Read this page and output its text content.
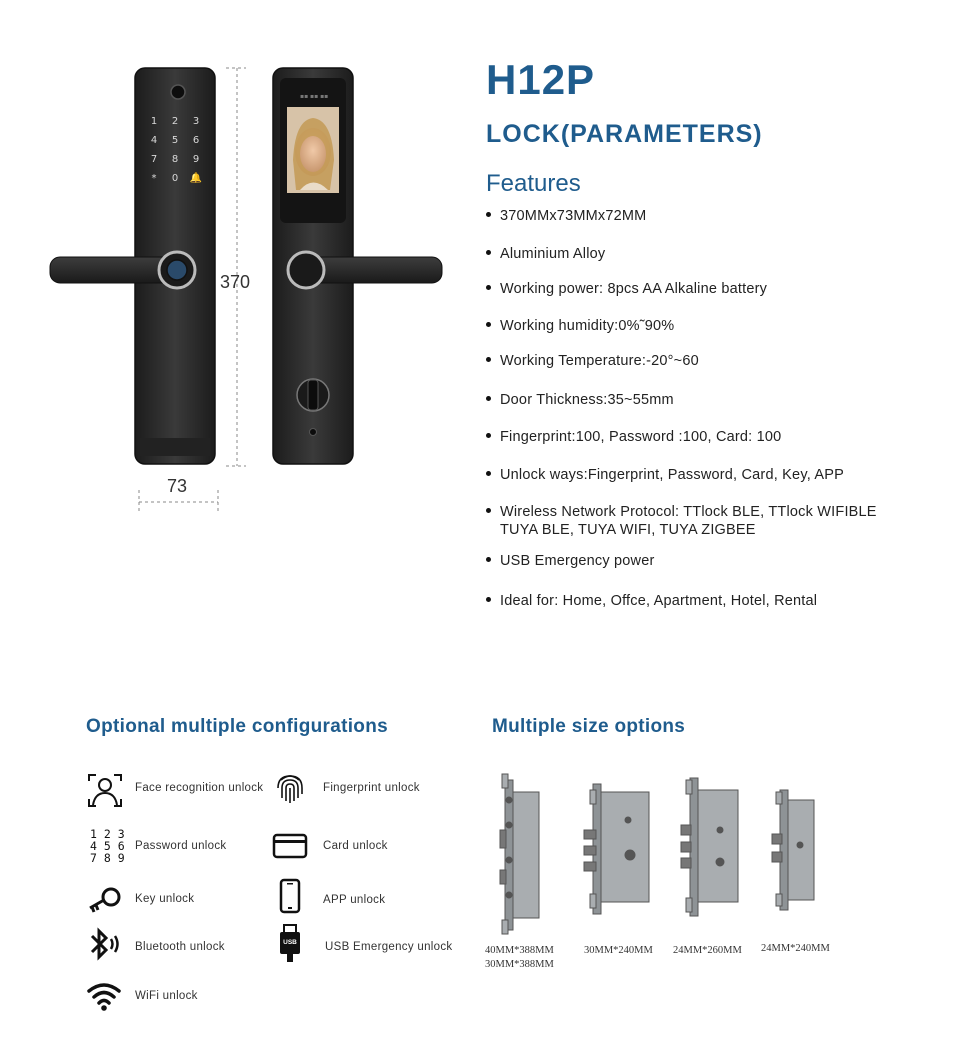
1 2 3
4 5 6
7 8 9
* 0 🔔
▪▪ ▪▪ ▪▪
370
73
H12P
LOCK(PARAMETERS)
Features
370MMx73MMx72MM
Aluminium Alloy
Working power: 8pcs AA Alkaline battery
Working humidity:0%˜90%
Working Temperature:-20°~60
Door Thickness:35~55mm
Fingerprint:100, Password :100, Card: 100
Unlock ways:Fingerprint, Password, Card, Key, APP
Wireless Network Protocol: TTlock BLE, TTlock WIFIBLE TUYA BLE, TUYA WIFI, TUYA ZIGBEE
USB Emergency power
Ideal for: Home, Offce, Apartment, Hotel, Rental
Optional multiple configurations
Face recognition unlock
1 2 3
4 5 6
7 8 9
Password unlock
Key unlock
Bluetooth unlock
WiFi unlock
Fingerprint unlock
Card unlock
APP unlock
USB USB Emergency unlock
Multiple size options
40MM*388MM
30MM*388MM
30MM*240MM 24MM*260MM 24MM*240MM
